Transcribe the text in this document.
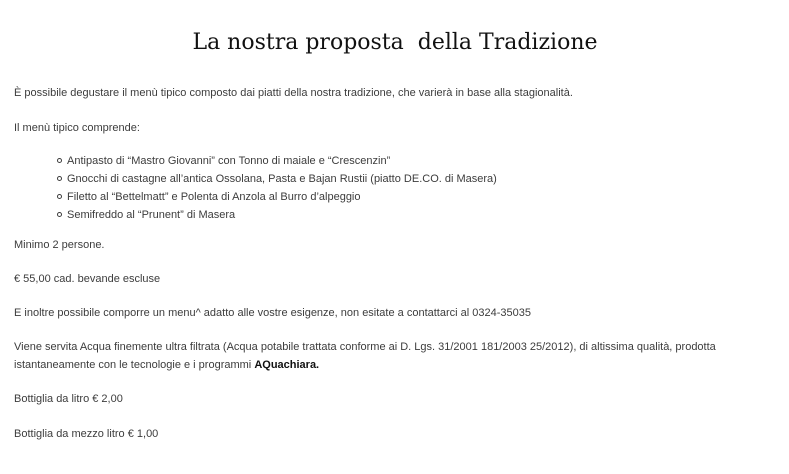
La nostra proposta  della Tradizione

È possibile degustare il menù tipico composto dai piatti della nostra tradizione, che varierà in base alla stagionalità.

Il menù tipico comprende:

Antipasto di “Mastro Giovanni” con Tonno di maiale e “Crescenzin”
Gnocchi di castagne all’antica Ossolana, Pasta e Bajan Rustii (piatto DE.CO. di Masera)
Filetto al “Bettelmatt” e Polenta di Anzola al Burro d’alpeggio
Semifreddo al “Prunent” di Masera

Minimo 2 persone.

€ 55,00 cad. bevande escluse

E inoltre possibile comporre un menu^ adatto alle vostre esigenze, non esitate a contattarci al 0324-35035

Viene servita Acqua finemente ultra filtrata (Acqua potabile trattata conforme ai D. Lgs. 31/2001 181/2003 25/2012), di altissima qualità, prodotta istantaneamente con le tecnologie e i programmi AQuachiara.

Bottiglia da litro € 2,00

Bottiglia da mezzo litro € 1,00
